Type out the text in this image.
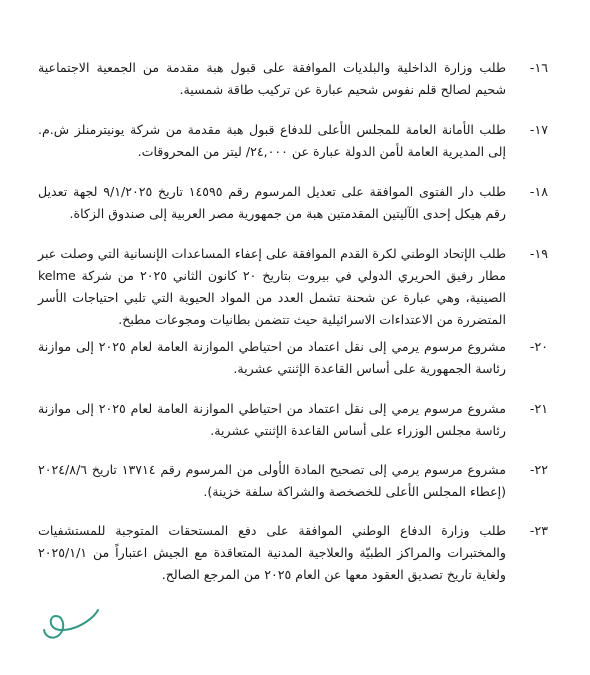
١٦-
طلب وزارة الداخلية والبلديات الموافقة على قبول هبة مقدمة من الجمعية الاجتماعية شحيم لصالح قلم نفوس شحيم عبارة عن تركيب طاقة شمسية.
١٧-
طلب الأمانة العامة للمجلس الأعلى للدفاع قبول هبة مقدمة من شركة يونيترمنلز ش.م. إلى المديرية العامة لأمن الدولة عبارة عن ٢٤,٠٠٠/ ليتر من المحروقات.
١٨-
طلب دار الفتوى الموافقة على تعديل المرسوم رقم ١٤٥٩٥ تاريخ ٩/١/٢٠٢٥ لجهة تعديل رقم هيكل إحدى الآليتين المقدمتين هبة من جمهورية مصر العربية إلى صندوق الزكاة.
١٩-
طلب الإتحاد الوطني لكرة القدم الموافقة على إعفاء المساعدات الإنسانية التي وصلت عبر مطار رفيق الحريري الدولي في بيروت بتاريخ ٢٠ كانون الثاني ٢٠٢٥ من شركة kelme الصينية، وهي عبارة عن شحنة تشمل العدد من المواد الحيوية التي تلبي احتياجات الأسر المتضررة من الاعتداءات الاسرائيلية حيث تتضمن بطانيات ومجوعات مطبخ.
٢٠-
مشروع مرسوم يرمي إلى نقل اعتماد من احتياطي الموازنة العامة لعام ٢٠٢٥ إلى موازنة رئاسة الجمهورية على أساس القاعدة الإثنتي عشرية.
٢١-
مشروع مرسوم يرمي إلى نقل اعتماد من احتياطي الموازنة العامة لعام ٢٠٢٥ إلى موازنة رئاسة مجلس الوزراء على أساس القاعدة الإثنتي عشرية.
٢٢-
مشروع مرسوم يرمي إلى تصحيح المادة الأولى من المرسوم رقم ١٣٧١٤ تاريخ ٢٠٢٤/٨/٦ (إعطاء المجلس الأعلى للخصخصة والشراكة سلفة خزينة).
٢٣-
طلب وزارة الدفاع الوطني الموافقة على دفع المستحقات المتوجبة للمستشفيات والمختبرات والمراكز الطبيّة والعلاجية المدنية المتعاقدة مع الجيش اعتباراً من ٢٠٢٥/١/١ ولغاية تاريخ تصديق العقود معها عن العام ٢٠٢٥ من المرجع الصالح.
